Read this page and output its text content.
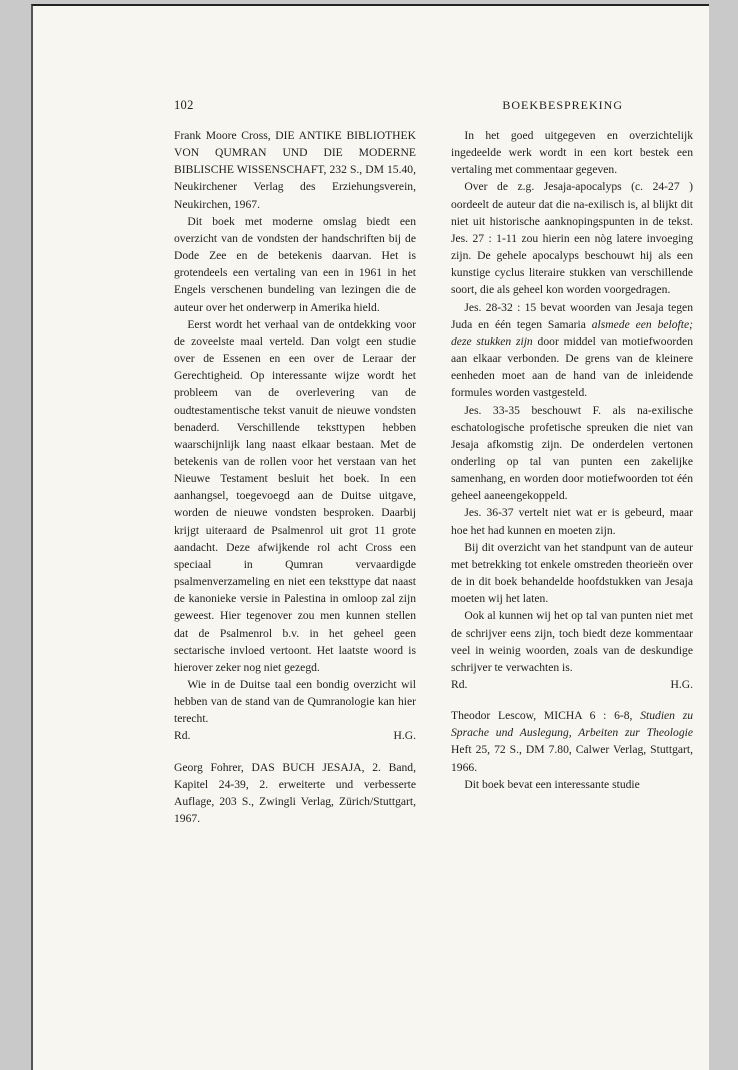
102	BOEKBESPREKING

Frank Moore Cross, DIE ANTIKE BIBLIOTHEK VON QUMRAN UND DIE MODERNE BIBLISCHE WISSENSCHAFT, 232 S., DM 15.40, Neukirchener Verlag des Erziehungsverein, Neukirchen, 1967.

Dit boek met moderne omslag biedt een overzicht van de vondsten der handschriften bij de Dode Zee en de betekenis daarvan. Het is grotendeels een vertaling van een in 1961 in het Engels verschenen bundeling van lezingen die de auteur over het onderwerp in Amerika hield.

Eerst wordt het verhaal van de ontdekking voor de zoveelste maal verteld. Dan volgt een studie over de Essenen en een over de Leraar der Gerechtigheid. Op interessante wijze wordt het probleem van de overlevering van de oudtestamentische tekst vanuit de nieuwe vondsten benaderd. Verschillende teksttypen hebben waarschijnlijk lang naast elkaar bestaan. Met de betekenis van de rollen voor het verstaan van het Nieuwe Testament besluit het boek. In een aanhangsel, toegevoegd aan de Duitse uitgave, worden de nieuwe vondsten besproken. Daarbij krijgt uiteraard de Psalmenrol uit grot 11 grote aandacht. Deze afwijkende rol acht Cross een speciaal in Qumran vervaardigde psalmenverzameling en niet een teksttype dat naast de kanonieke versie in Palestina in omloop zal zijn geweest. Hier tegenover zou men kunnen stellen dat de Psalmenrol b.v. in het geheel geen sectarische invloed vertoont. Het laatste woord is hierover zeker nog niet gezegd.

Wie in de Duitse taal een bondig overzicht wil hebben van de stand van de Qumranologie kan hier terecht.

Rd.	H.G.

Georg Fohrer, DAS BUCH JESAJA, 2. Band, Kapitel 24-39, 2. erweiterte und verbesserte Auflage, 203 S., Zwingli Verlag, Zürich/Stuttgart, 1967.

In het goed uitgegeven en overzichtelijk ingedeelde werk wordt in een kort bestek een vertaling met commentaar gegeven.

Over de z.g. Jesaja-apocalyps (c. 24-27 ) oordeelt de auteur dat die na-exilisch is, al blijkt dit niet uit historische aanknopingspunten in de tekst. Jes. 27 : 1-11 zou hierin een nòg latere invoeging zijn. De gehele apocalyps beschouwt hij als een kunstige cyclus literaire stukken van verschillende soort, die als geheel kon worden voorgedragen.

Jes. 28-32 : 15 bevat woorden van Jesaja tegen Juda en één tegen Samaria alsmede een belofte; deze stukken zijn door middel van motiefwoorden aan elkaar verbonden. De grens van de kleinere eenheden moet aan de hand van de inleidende formules worden vastgesteld.

Jes. 33-35 beschouwt F. als na-exilische eschatologische profetische spreuken die niet van Jesaja afkomstig zijn. De onderdelen vertonen onderling op tal van punten een zakelijke samenhang, en worden door motiefwoorden tot één geheel aaneengekoppeld.

Jes. 36-37 vertelt niet wat er is gebeurd, maar hoe het had kunnen en moeten zijn.

Bij dit overzicht van het standpunt van de auteur met betrekking tot enkele omstreden theorieën over de in dit boek behandelde hoofdstukken van Jesaja moeten wij het laten.

Ook al kunnen wij het op tal van punten niet met de schrijver eens zijn, toch biedt deze kommentaar veel in weinig woorden, zoals van de deskundige schrijver te verwachten is.

Rd.	H.G.

Theodor Lescow, MICHA 6 : 6-8, Studien zu Sprache und Auslegung, Arbeiten zur Theologie Heft 25, 72 S., DM 7.80, Calwer Verlag, Stuttgart, 1966.

Dit boek bevat een interessante studie
